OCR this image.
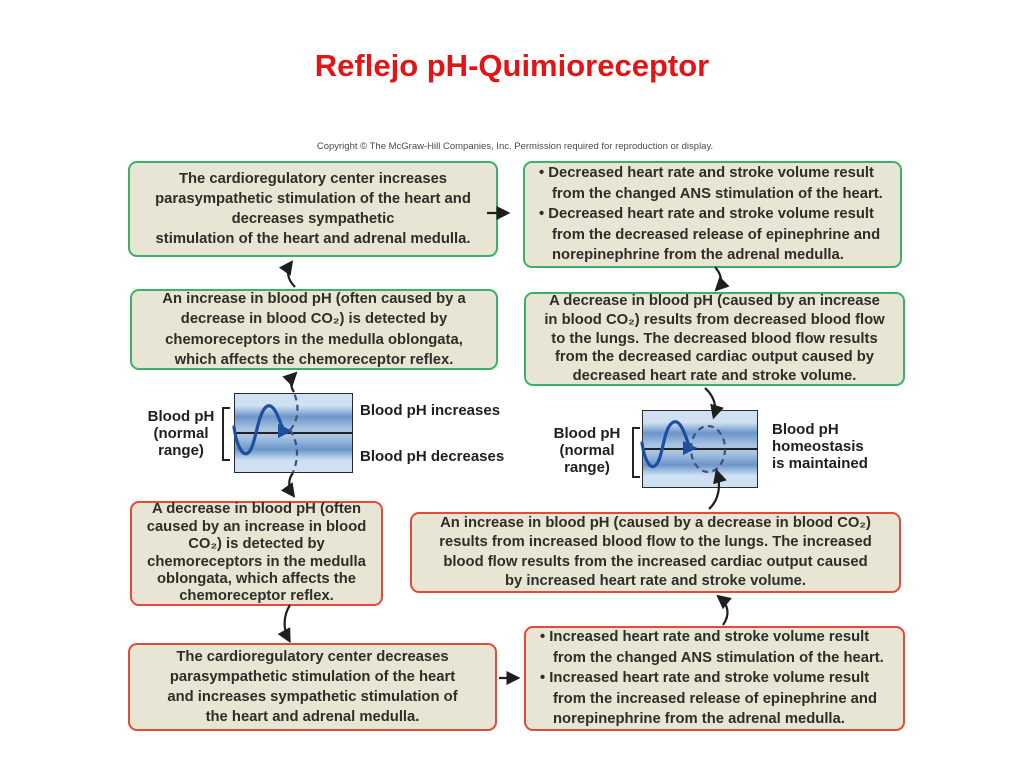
Reflejo pH-Quimioreceptor
Copyright © The McGraw-Hill Companies, Inc. Permission required for reproduction or display.
The cardioregulatory center increases
parasympathetic stimulation of the heart and
decreases sympathetic
stimulation of the heart and adrenal medulla.
• Decreased heart rate and stroke volume result
from the changed ANS stimulation of the heart.
• Decreased heart rate and stroke volume result
from the decreased release of epinephrine and
norepinephrine from the adrenal medulla.
An increase in blood pH (often caused by a
decrease in blood CO₂) is detected by
chemoreceptors in the medulla oblongata,
which affects the chemoreceptor reflex.
A decrease in blood pH (caused by an increase
in blood CO₂) results from decreased blood flow
to the lungs. The decreased blood flow results
from the decreased cardiac output caused by
decreased heart rate and stroke volume.
A decrease in blood pH (often
caused by an increase in blood
CO₂) is detected by
chemoreceptors in the medulla
oblongata, which affects the
chemoreceptor reflex.
An increase in blood pH (caused by a decrease in blood CO₂)
results from increased blood flow to the lungs. The increased
blood flow results from the increased cardiac output caused
by increased heart rate and stroke volume.
The cardioregulatory center decreases
parasympathetic stimulation of the heart
and increases sympathetic stimulation of
the heart and adrenal medulla.
• Increased heart rate and stroke volume result
from the changed ANS stimulation of the heart.
• Increased heart rate and stroke volume result
from the increased release of epinephrine and
norepinephrine from the adrenal medulla.
Blood pH
(normal
range)
Blood pH increases
Blood pH decreases
Blood pH
(normal
range)
Blood pH
homeostasis
is maintained
